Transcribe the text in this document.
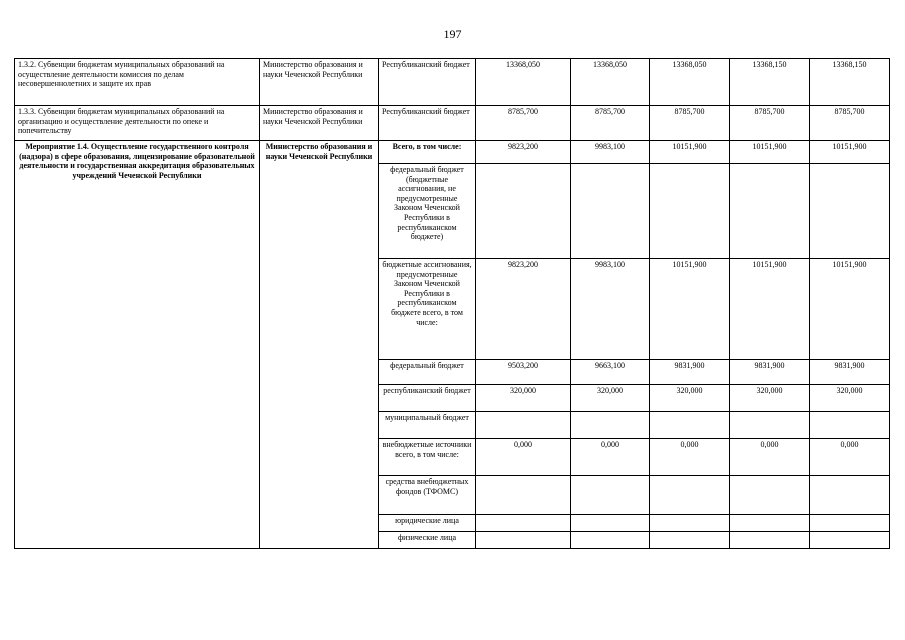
197
1.3.2. Субвенции бюджетам муниципальных образований на осуществление деятельности комиссия по делам несовершеннолетних и защите их прав	Министерство образования и науки Чеченской Республики	Республиканский бюджет	13368,050	13368,050	13368,050	13368,150	13368,150
1.3.3. Субвенции бюджетам муниципальных образований на организацию и осуществление деятельности по опеке и попечительству	Министерство образования и науки Чеченской Республики	Республиканский бюджет	8785,700	8785,700	8785,700	8785,700	8785,700
Мероприятие 1.4. Осуществление государственного контроля (надзора) в сфере образования, лицензирование образовательной деятельности и государственная аккредитация образовательных учреждений Чеченской Республики	Министерство образования и науки Чеченской Республики	Всего, в том числе:	9823,200	9983,100	10151,900	10151,900	10151,900
		федеральный бюджет (бюджетные ассигнования, не предусмотренные Законом Чеченской Республики в республиканском бюджете)					
		бюджетные ассигнования, предусмотренные Законом Чеченской Республики в республиканском бюджете всего, в том числе:	9823,200	9983,100	10151,900	10151,900	10151,900
		федеральный бюджет	9503,200	9663,100	9831,900	9831,900	9831,900
		республиканский бюджет	320,000	320,000	320,000	320,000	320,000
		муниципальный бюджет					
		внебюджетные источники всего, в том числе:	0,000	0,000	0,000	0,000	0,000
		средства внебюджетных фондов (ТФОМС)					
		юридические лица					
		физические лица					
